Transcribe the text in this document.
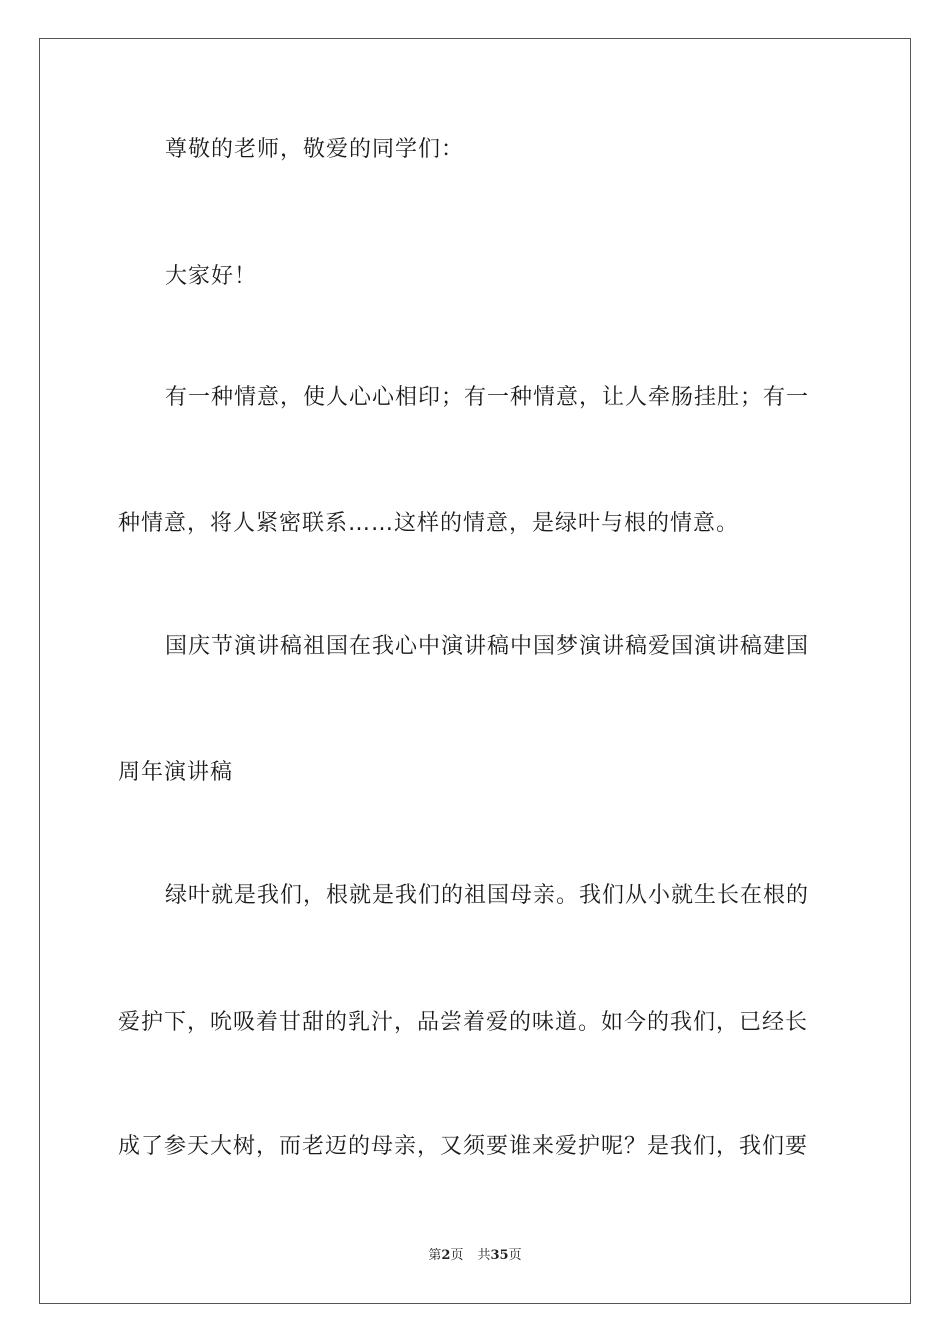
尊敬的老师，敬爱的同学们：
大家好！
有一种情意，使人心心相印；有一种情意，让人牵肠挂肚；有一
种情意，将人紧密联系……这样的情意，是绿叶与根的情意。
国庆节演讲稿祖国在我心中演讲稿中国梦演讲稿爱国演讲稿建国
周年演讲稿
绿叶就是我们，根就是我们的祖国母亲。我们从小就生长在根的
爱护下，吮吸着甘甜的乳汁，品尝着爱的味道。如今的我们，已经长
成了参天大树，而老迈的母亲，又须要谁来爱护呢？是我们，我们要
第2页 共35页
